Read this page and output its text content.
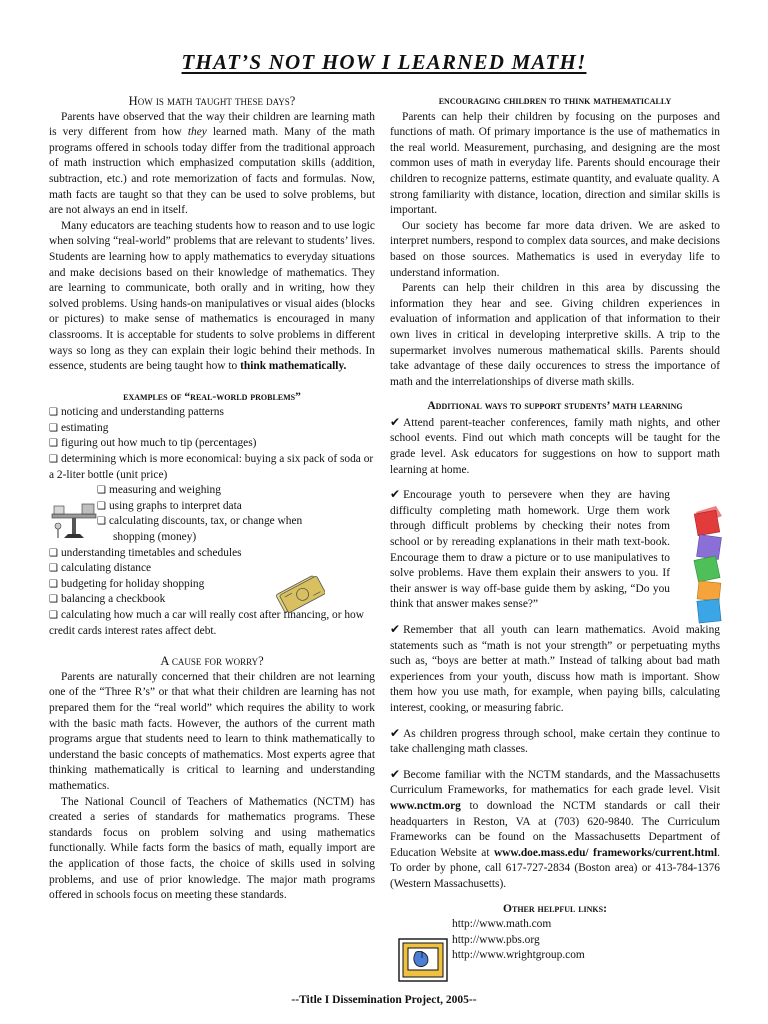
THAT’S NOT HOW I LEARNED MATH!
How is math taught these days?

Parents have observed that the way their children are learning math is very different from how they learned math. Many of the math programs offered in schools today differ from the traditional approach of math instruction which emphasized computation skills (addition, subtraction, etc.) and rote memorization of facts and formulas. Now, math facts are taught so that they can be used to solve problems, but are not always an end in itself.

Many educators are teaching students how to reason and to use logic when solving “real-world” problems that are relevant to students’ lives. Students are learning how to apply mathematics to everyday situations and make decisions based on their knowledge of mathematics. They are learning to communicate, both orally and in writing, how they solved problems. Using hands-on manipulatives or visual aides (blocks or pictures) to make sense of mathematics is encouraged in many classrooms. It is acceptable for students to solve problems in different ways so long as they can explain their logic behind their methods. In essence, students are being taught how to think mathematically.

examples of “real-world problems”
❑ noticing and understanding patterns
❑ estimating
❑ figuring out how much to tip (percentages)
❑ determining which is more economical: buying a six pack of soda or a 2-liter bottle (unit price)
❑ measuring and weighing
❑ using graphs to interpret data
❑ calculating discounts, tax, or change when
shopping (money)
❑ understanding timetables and schedules
❑ calculating distance
❑ budgeting for holiday shopping
❑ balancing a checkbook
❑ calculating how much a car will really cost after financing, or how credit cards interest rates affect debt.
A cause for worry?

Parents are naturally concerned that their children are not learning one of the “Three R’s” or that what their children are learning has not prepared them for the “real world” which requires the ability to work with the basic math facts. However, the authors of the current math programs argue that students need to learn to think mathematically to understand the basic concepts of mathematics. Most experts agree that thinking mathematically is critical to learning and understanding mathematics.

The National Council of Teachers of Mathematics (NCTM) has created a series of standards for mathematics programs. These standards focus on problem solving and using mathematics functionally. While facts form the basics of math, equally import are the application of those facts, the choice of skills used in solving problems, and use of prior knowledge. The major math programs offered in schools focus on meeting these standards.

encouraging children to think mathematically

Parents can help their children by focusing on the purposes and functions of math. Of primary importance is the use of mathematics in the real world. Measurement, purchasing, and designing are the most common uses of math in everyday life. Parents should encourage their children to recognize patterns, estimate quantity, and evaluate quality. A strong familiarity with distance, location, direction and similar skills is important.

Our society has become far more data driven. We are asked to interpret numbers, respond to complex data sources, and make decisions based on those sources. Mathematics is used in everyday life to understand information.

Parents can help their children in this area by discussing the information they hear and see. Giving children experiences in evaluation of information and application of that information to their own lives in critical in developing interpretive skills. A trip to the supermarket involves numerous mathematical skills. Parents should take advantage of these daily occurences to stress the importance of math and the interrelationships of diverse math skills.

Additional ways to support students’ math learning

✔ Attend parent-teacher conferences, family math nights, and other school events. Find out which math concepts will be taught for the grade level. Ask educators for suggestions on how to support math learning at home.

✔ Encourage youth to persevere when they are having difficulty completing math homework. Urge them work through difficult problems by checking their notes from school or by rereading explanations in their math text-book. Encourage them to draw a picture or to use manipulatives to solve problems. Have them explain their answers to you. If their answer is way off-base guide them by asking, “Do you think that answer makes sense?”

✔ Remember that all youth can learn mathematics. Avoid making statements such as “math is not your strength” or perpetuating myths such as, “boys are better at math.” Instead of talking about bad math experiences from your youth, discuss how math is important. Show them how you use math, for example, when paying bills, calculating interest, cooking, or measuring fabric.

✔ As children progress through school, make certain they continue to take challenging math classes.

✔ Become familiar with the NCTM standards, and the Massachusetts Curriculum Frameworks, for mathematics for each grade level. Visit www.nctm.org to download the NCTM standards or call their headquarters in Reston, VA at (703) 620-9840. The Curriculum Frameworks can be found on the Massachusetts Department of Education Website at www.doe.mass.edu/ frameworks/current.html. To order by phone, call 617-727-2834 (Boston area) or 413-784-1376 (Western Massachusetts).

Other helpful links:
http://www.math.com
http://www.pbs.org
http://www.wrightgroup.com
--Title I Dissemination Project, 2005--
